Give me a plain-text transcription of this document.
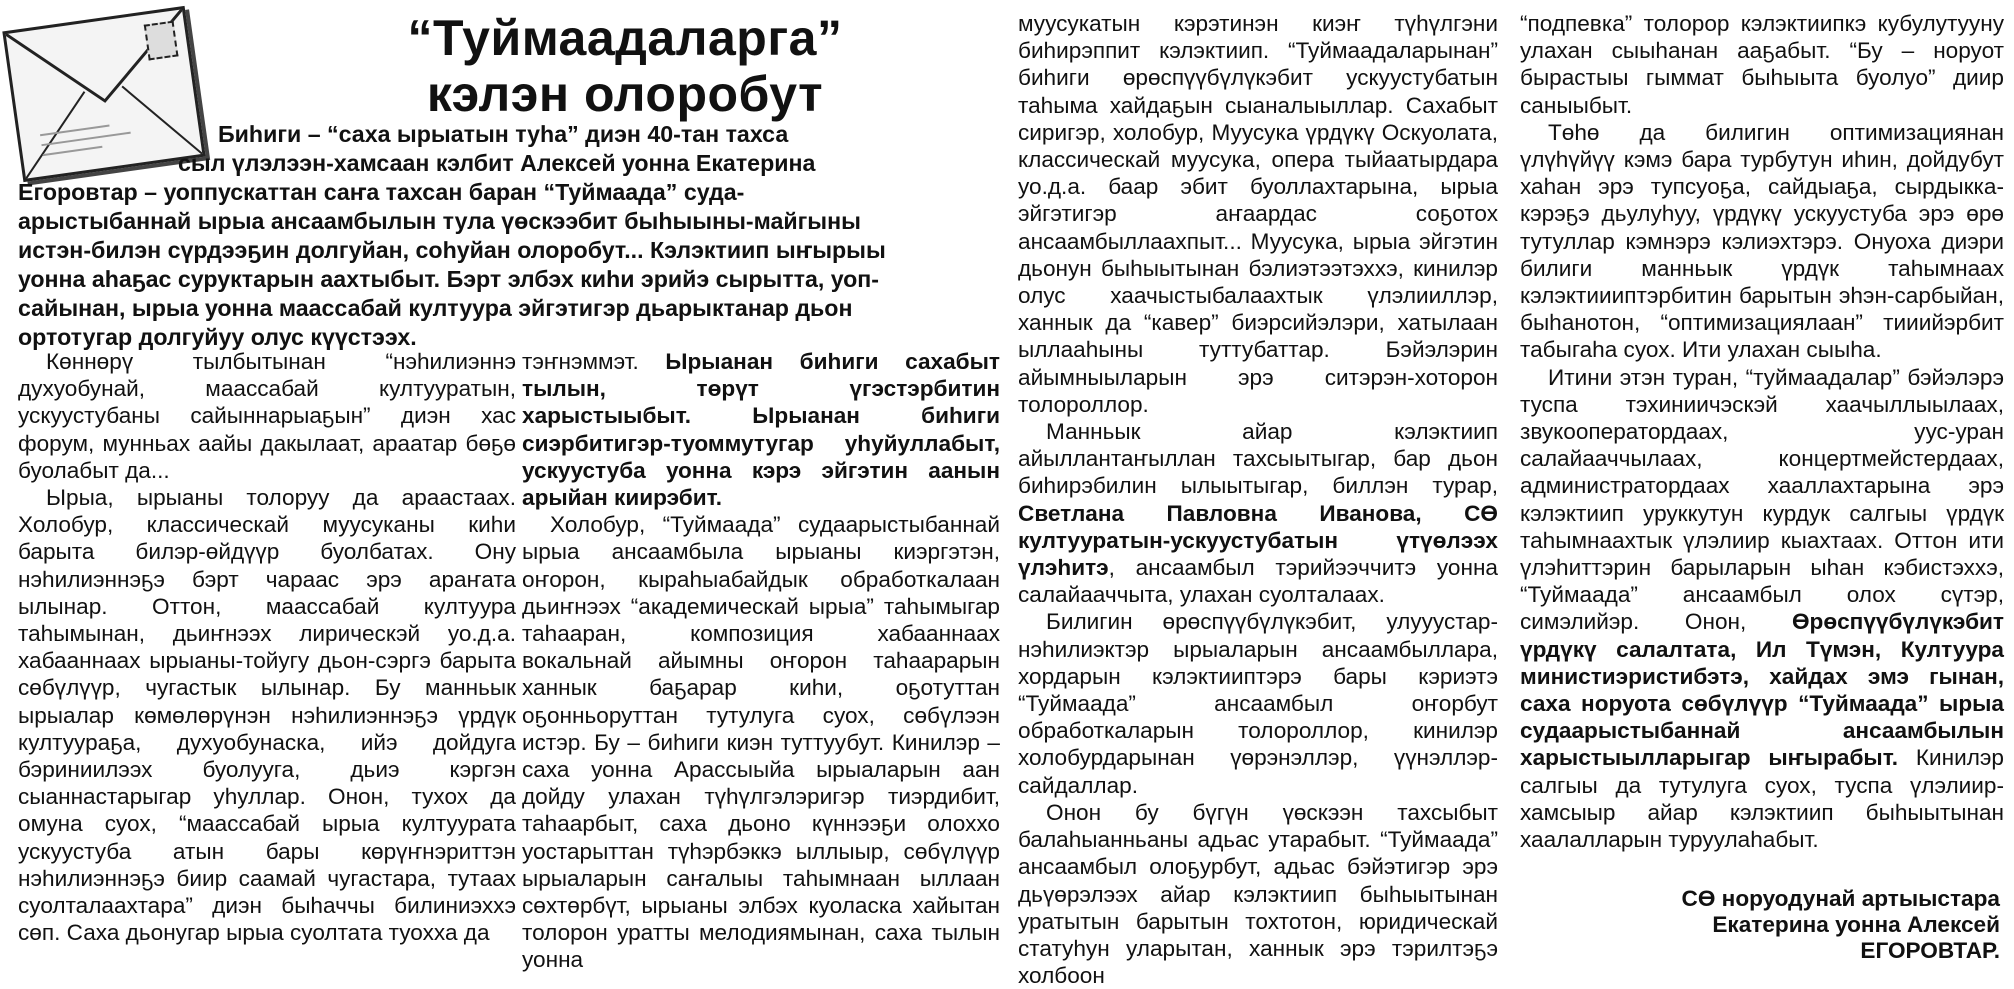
“Туймаадаларга”
кэлэн олоробут
Биһиги – “саха ырыатын туһа” диэн 40-тан тахса
сыл үлэлээн-хамсаан кэлбит Алексей уонна Екатерина
Егоровтар – уоппускаттан саҥа тахсан баран “Туймаада” суда-
арыстыбаннай ырыа ансаамбылын тула үөскээбит быһыыны-майгыны
истэн-билэн сүрдээҕин долгуйан, соһуйан олоробут... Кэлэктиип ыҥырыы
уонна аһаҕас суруктарын аахтыбыт. Бэрт элбэх киһи эрийэ сырытта, уоп-
сайынан, ырыа уонна маассабай култуура эйгэтигэр дьарыктанар дьон
ортотугар долгуйуу олус күүстээх.

Көннөрү тылбытынан “нэһилиэннэ духуобунай, маассабай култууратын, ускуустубаны сайыннарыаҕын” диэн хас форум, мунньах аайы дакылаат, араатар бөҕө буолабыт да...

Ырыа, ырыаны толоруу да араастаах. Холобур, классическай муусуканы киһи барыта билэр-өйдүүр буолбатах. Ону нэһилиэннэҕэ бэрт чараас эрэ араҥата ылынар. Оттон, маассабай култуура таһымынан, дьиҥнээх лирическэй уо.д.а. хабааннаах ырыаны-тойугу дьон-сэргэ барыта сөбүлүүр, чугастык ылынар. Бу манньык ырыалар көмөлөрүнэн нэһилиэннэҕэ үрдүк култуураҕа, духуобунаска, ийэ дойдуга бэриниилээх буолууга, дьиэ кэргэн сыаннастарыгар уһуллар. Онон, тухох да омуна суох, “маассабай ырыа култуурата ускуустуба атын бары көрүҥнэриттэн нэһилиэннэҕэ биир саамай чугастара, тутаах суолталаахтара” диэн быһаччы билиниэххэ сөп. Саха дьонугар ырыа суолтата туохха да

тэҥнэммэт. Ырыанан биһиги сахабыт тылын, төрүт үгэстэрбитин харыстыыбыт. Ырыанан биһиги сиэрбитигэр-туоммутугар уһуйуллабыт, ускуустуба уонна кэрэ эйгэтин аанын арыйан киирэбит.

Холобур, “Туймаада” судаарыстыбаннай ырыа ансаамбыла ырыаны киэргэтэн, оҥорон, кыраһыабайдык обработкалаан дьиҥнээх “академическай ырыа” таһымыгар таһааран, композиция хабааннаах вокальнай айымны оҥорон таһаарарын ханнык баҕарар киһи, оҕотуттан оҕонньоруттан тутулуга суох, сөбүлээн истэр. Бу – биһиги киэн туттуубут. Кинилэр – саха уонна Арассыыйа ырыаларын аан дойду улахан түһүлгэлэригэр тиэрдибит, таһаарбыт, саха дьоно күннээҕи олоххо уостарыттан түһэрбэккэ ыллыыр, сөбүлүүр ырыаларын саҥалыы таһымнаан ыллаан сөхтөрбүт, ырыаны элбэх куоласка хайытан толорон уратты мелодиямынан, саха тылын уонна

муусукатын кэрэтинэн киэҥ түһүлгэни биһирэппит кэлэктиип. “Туймаадаларынан” биһиги өрөспүүбүлүкэбит ускуустубатын таһыма хайдаҕын сыаналыыллар. Сахабыт сиригэр, холобур, Муусука үрдүкү Оскуолата, классическай муусука, опера тыйаатырдара уо.д.а. баар эбит буоллахтарына, ырыа эйгэтигэр аҥаардас соҕотох ансаамбыллаахпыт... Муусука, ырыа эйгэтин дьонун быһыытынан бэлиэтээтэххэ, кинилэр олус хаачыстыбалаахтык үлэлииллэр, ханнык да “кавер” биэрсийэлэри, хатылаан ыллааһыны туттубаттар. Бэйэлэрин айымныыларын эрэ ситэрэн-хоторон толороллор.

Манньык айар кэлэктиип айыллантаҥыллан тахсыытыгар, бар дьон биһирэбилин ылыытыгар, биллэн турар, Светлана Павловна Иванова, СӨ култууратын-ускуустубатын үтүөлээх үлэһитэ, ансаамбыл тэрийээччитэ уонна салайааччыта, улахан суолталаах.

Билигин өрөспүүбүлүкэбит, улууустар-нэһилиэктэр ырыаларын ансаамбыллара, хордарын кэлэктииптэрэ бары кэриэтэ “Туймаада” ансаамбыл оҥорбут обработкаларын толороллор, кинилэр холобурдарынан үөрэнэллэр, үүнэллэр-сайдаллар.

Онон бу бүгүн үөскээн тахсыбыт балаһыанньаны адьас утарабыт. “Туймаада” ансаамбыл олоҕурбут, адьас бэйэтигэр эрэ дьүөрэлээх айар кэлэктиип быһыытынан уратытын барытын тохтотон, юридическай статуһун уларытан, ханнык эрэ тэрилтэҕэ холбоон

“подпевка” толорор кэлэктиипкэ кубулутууну улахан сыыһанан ааҕабыт. “Бу – норуот бырастыы гыммат быһыыта буолуо” диир саныыбыт.

Төһө да билигин оптимизациянан үлүһүйүү кэмэ бара турбутун иһин, дойдубут хаһан эрэ тупсуоҕа, сайдыаҕа, сырдыкка-кэрэҕэ дьулуһуу, үрдүкү ускуустуба эрэ өрө тутуллар кэмнэрэ кэлиэхтэрэ. Онуоха диэри билиги манньык үрдүк таһымнаах кэлэктиииптэрбитин барытын эһэн-сарбыйан, быһанотон, “оптимизациялаан” тииийэрбит табыгаһа суох. Ити улахан сыыһа.

Итини этэн туран, “туймаадалар” бэйэлэрэ туспа тэхиниичэскэй хаачыллыылаах, звукооператордаах, уус-уран салайааччылаах, концертмейстердаах, администратордаах хааллахтарына эрэ кэлэктиип уруккутун курдук салгыы үрдүк таһымнаахтык үлэлиир кыахтаах. Оттон ити үлэһиттэрин барыларын ыһан кэбистэххэ, “Туймаада” ансаамбыл олох сүтэр, симэлийэр. Онон, Өрөспүүбүлүкэбит үрдүкү салалтата, Ил Түмэн, Култуура министиэристибэтэ, хайдах эмэ гынан, саха норуота сөбүлүүр “Туймаада” ырыа судаарыстыбаннай ансаамбылын харыстыылларыгар ыҥырабыт. Кинилэр салгыы да тутулуга суох, туспа үлэлиир-хамсыыр айар кэлэктиип быһыытынан хаалалларын туруулаһабыт.

СӨ норуодунай артыыстара
Екатерина уонна Алексей
ЕГОРОВТАР.
